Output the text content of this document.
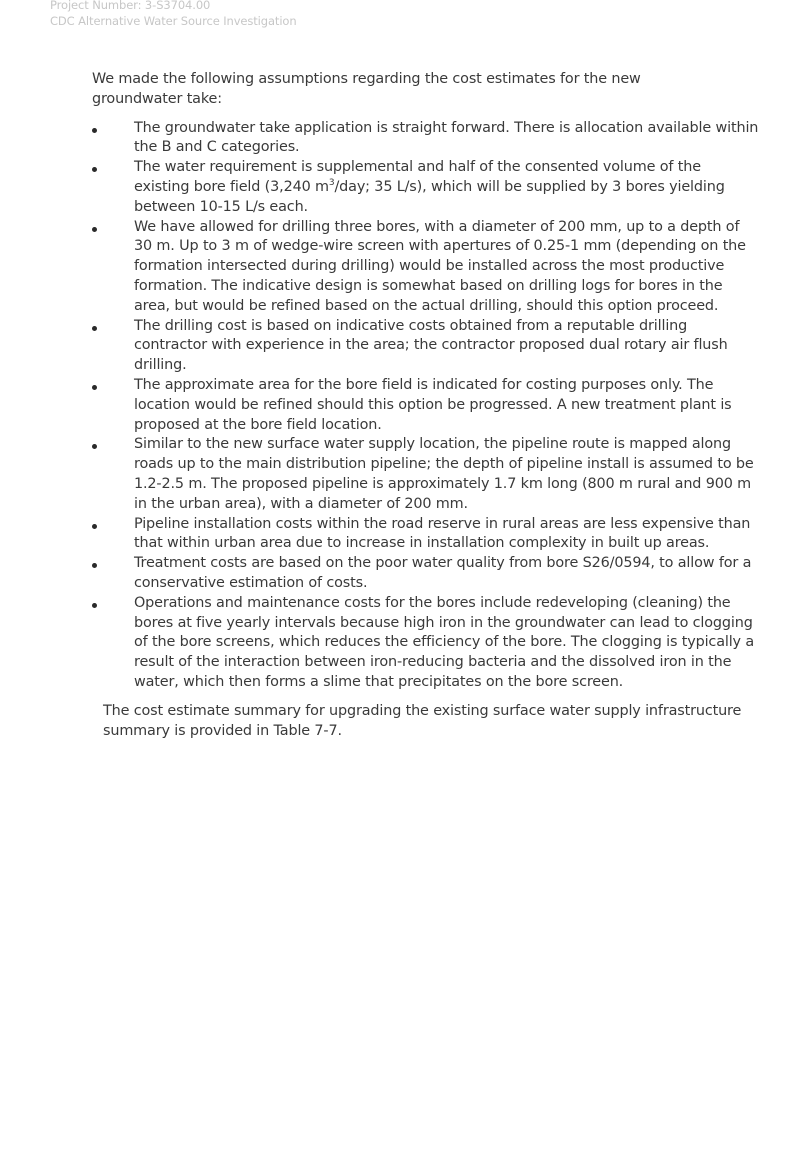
Project Number: 3-S3704.00
CDC Alternative Water Source Investigation

We made the following assumptions regarding the cost estimates for the new groundwater take:

The groundwater take application is straight forward. There is allocation available within the B and C categories.
The water requirement is supplemental and half of the consented volume of the existing bore field (3,240 $m^3$/day; 35 L/s), which will be supplied by 3 bores yielding between 10-15 L/s each.
We have allowed for drilling three bores, with a diameter of 200 mm, up to a depth of 30 m. Up to 3 m of wedge-wire screen with apertures of 0.25-1 mm (depending on the formation intersected during drilling) would be installed across the most productive formation. The indicative design is somewhat based on drilling logs for bores in the area, but would be refined based on the actual drilling, should this option proceed.
The drilling cost is based on indicative costs obtained from a reputable drilling contractor with experience in the area; the contractor proposed dual rotary air flush drilling.
The approximate area for the bore field is indicated for costing purposes only. The location would be refined should this option be progressed. A new treatment plant is proposed at the bore field location.
Similar to the new surface water supply location, the pipeline route is mapped along roads up to the main distribution pipeline; the depth of pipeline install is assumed to be 1.2-2.5 m. The proposed pipeline is approximately 1.7 km long (800 m rural and 900 m in the urban area), with a diameter of 200 mm.
Pipeline installation costs within the road reserve in rural areas are less expensive than that within urban area due to increase in installation complexity in built up areas.
Treatment costs are based on the poor water quality from bore S26/0594, to allow for a conservative estimation of costs.
Operations and maintenance costs for the bores include redeveloping (cleaning) the bores at five yearly intervals because high iron in the groundwater can lead to clogging of the bore screens, which reduces the efficiency of the bore. The clogging is typically a result of the interaction between iron-reducing bacteria and the dissolved iron in the water, which then forms a slime that precipitates on the bore screen.

The cost estimate summary for upgrading the existing surface water supply infrastructure summary is provided in Table 7-7.
